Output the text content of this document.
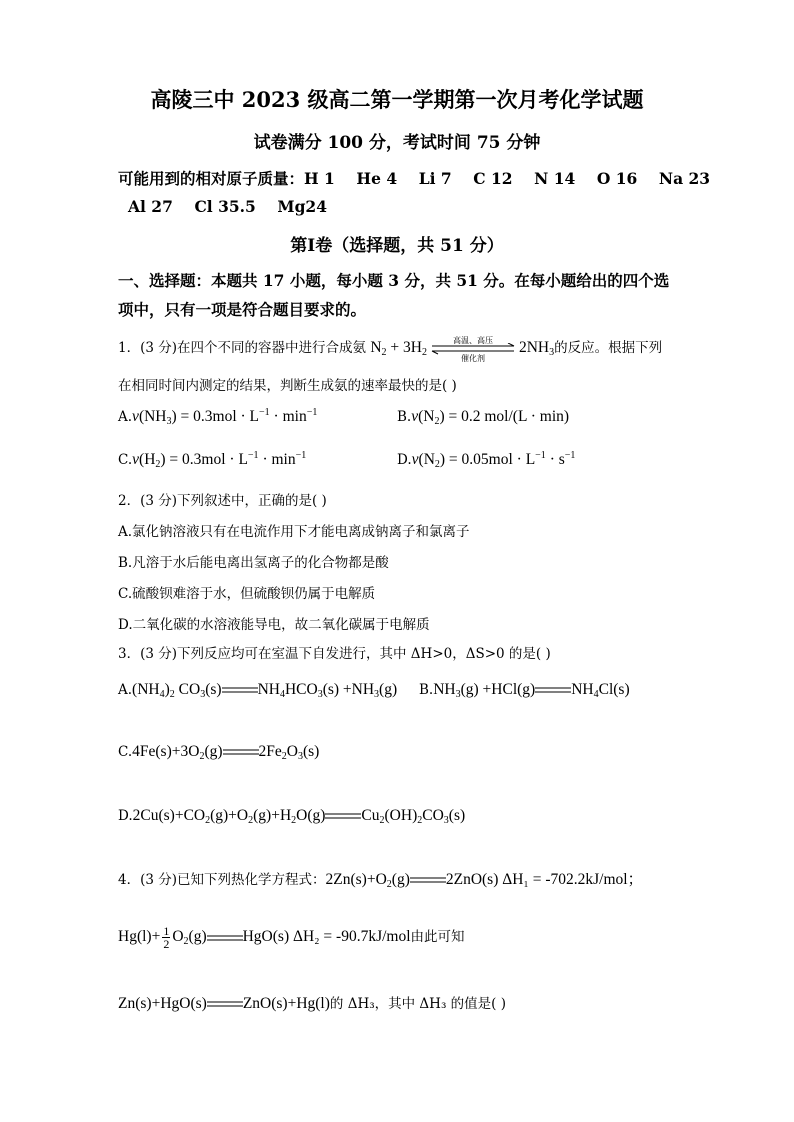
高陵三中 2023 级高二第一学期第一次月考化学试题
试卷满分 100 分，考试时间 75 分钟
可能用到的相对原子质量：H 1    He 4    Li 7    C 12    N 14    O 16    Na 23
Al 27    Cl 35.5    Mg24
第Ⅰ卷（选择题，共 51 分）
一、选择题：本题共 17 小题，每小题 3 分，共 51 分。在每小题给出的四个选
项中，只有一项是符合题目要求的。
1．(3 分)在四个不同的容器中进行合成氨 $N_2 + 3H_2$
高温、高压
催化剂
$2NH_3$的反应。根据下列
在相同时间内测定的结果，判断生成氨的速率最快的是( )
$A.v(NH_3) = 0.3mol \cdot L^{-1} \cdot \min^{-1}$	$B.v(N_2) = 0.2$ mol/(L · min)
$C.v(H_2) = 0.3mol \cdot L^{-1} \cdot \min^{-1}$	$D.v(N_2) = 0.05mol \cdot L^{-1} \cdot s^{-1}$
2．(3 分)下列叙述中，正确的是( )
A.氯化钠溶液只有在电流作用下才能电离成钠离子和氯离子
B.凡溶于水后能电离出氢离子的化合物都是酸
C.硫酸钡难溶于水，但硫酸钡仍属于电解质
D.二氧化碳的水溶液能导电，故二氧化碳属于电解质
3．(3 分)下列反应均可在室温下自发进行，其中 ΔH>0，ΔS>0 的是( )
$A.(NH_4)_2$ $CO_3(s)$ $NH_4HCO_3(s) +NH_3(g)$ $B.NH_3(g) +HCl(g)$ $NH_4Cl(s)$
$C.4Fe(s)+3O_2(g)$ $2Fe_2O_3(s)$
$D.2Cu(s)+CO_2(g)+O_2(g)+H_2O(g)$ $Cu_2(OH)_2CO_3(s)$
4．(3 分)已知下列热化学方程式：$2Zn(s)+O_2(g)$ 2ZnO(s) ΔH₁ = -702.2kJ/mol；
$Hg(l)+ \frac{1}{2} O_2(g)$ HgO(s) ΔH₂ = -90.7kJ/mol由此可知
Zn(s)+HgO(s) ZnO(s)+Hg(l)的 ΔH₃，其中 ΔH₃ 的值是( )
